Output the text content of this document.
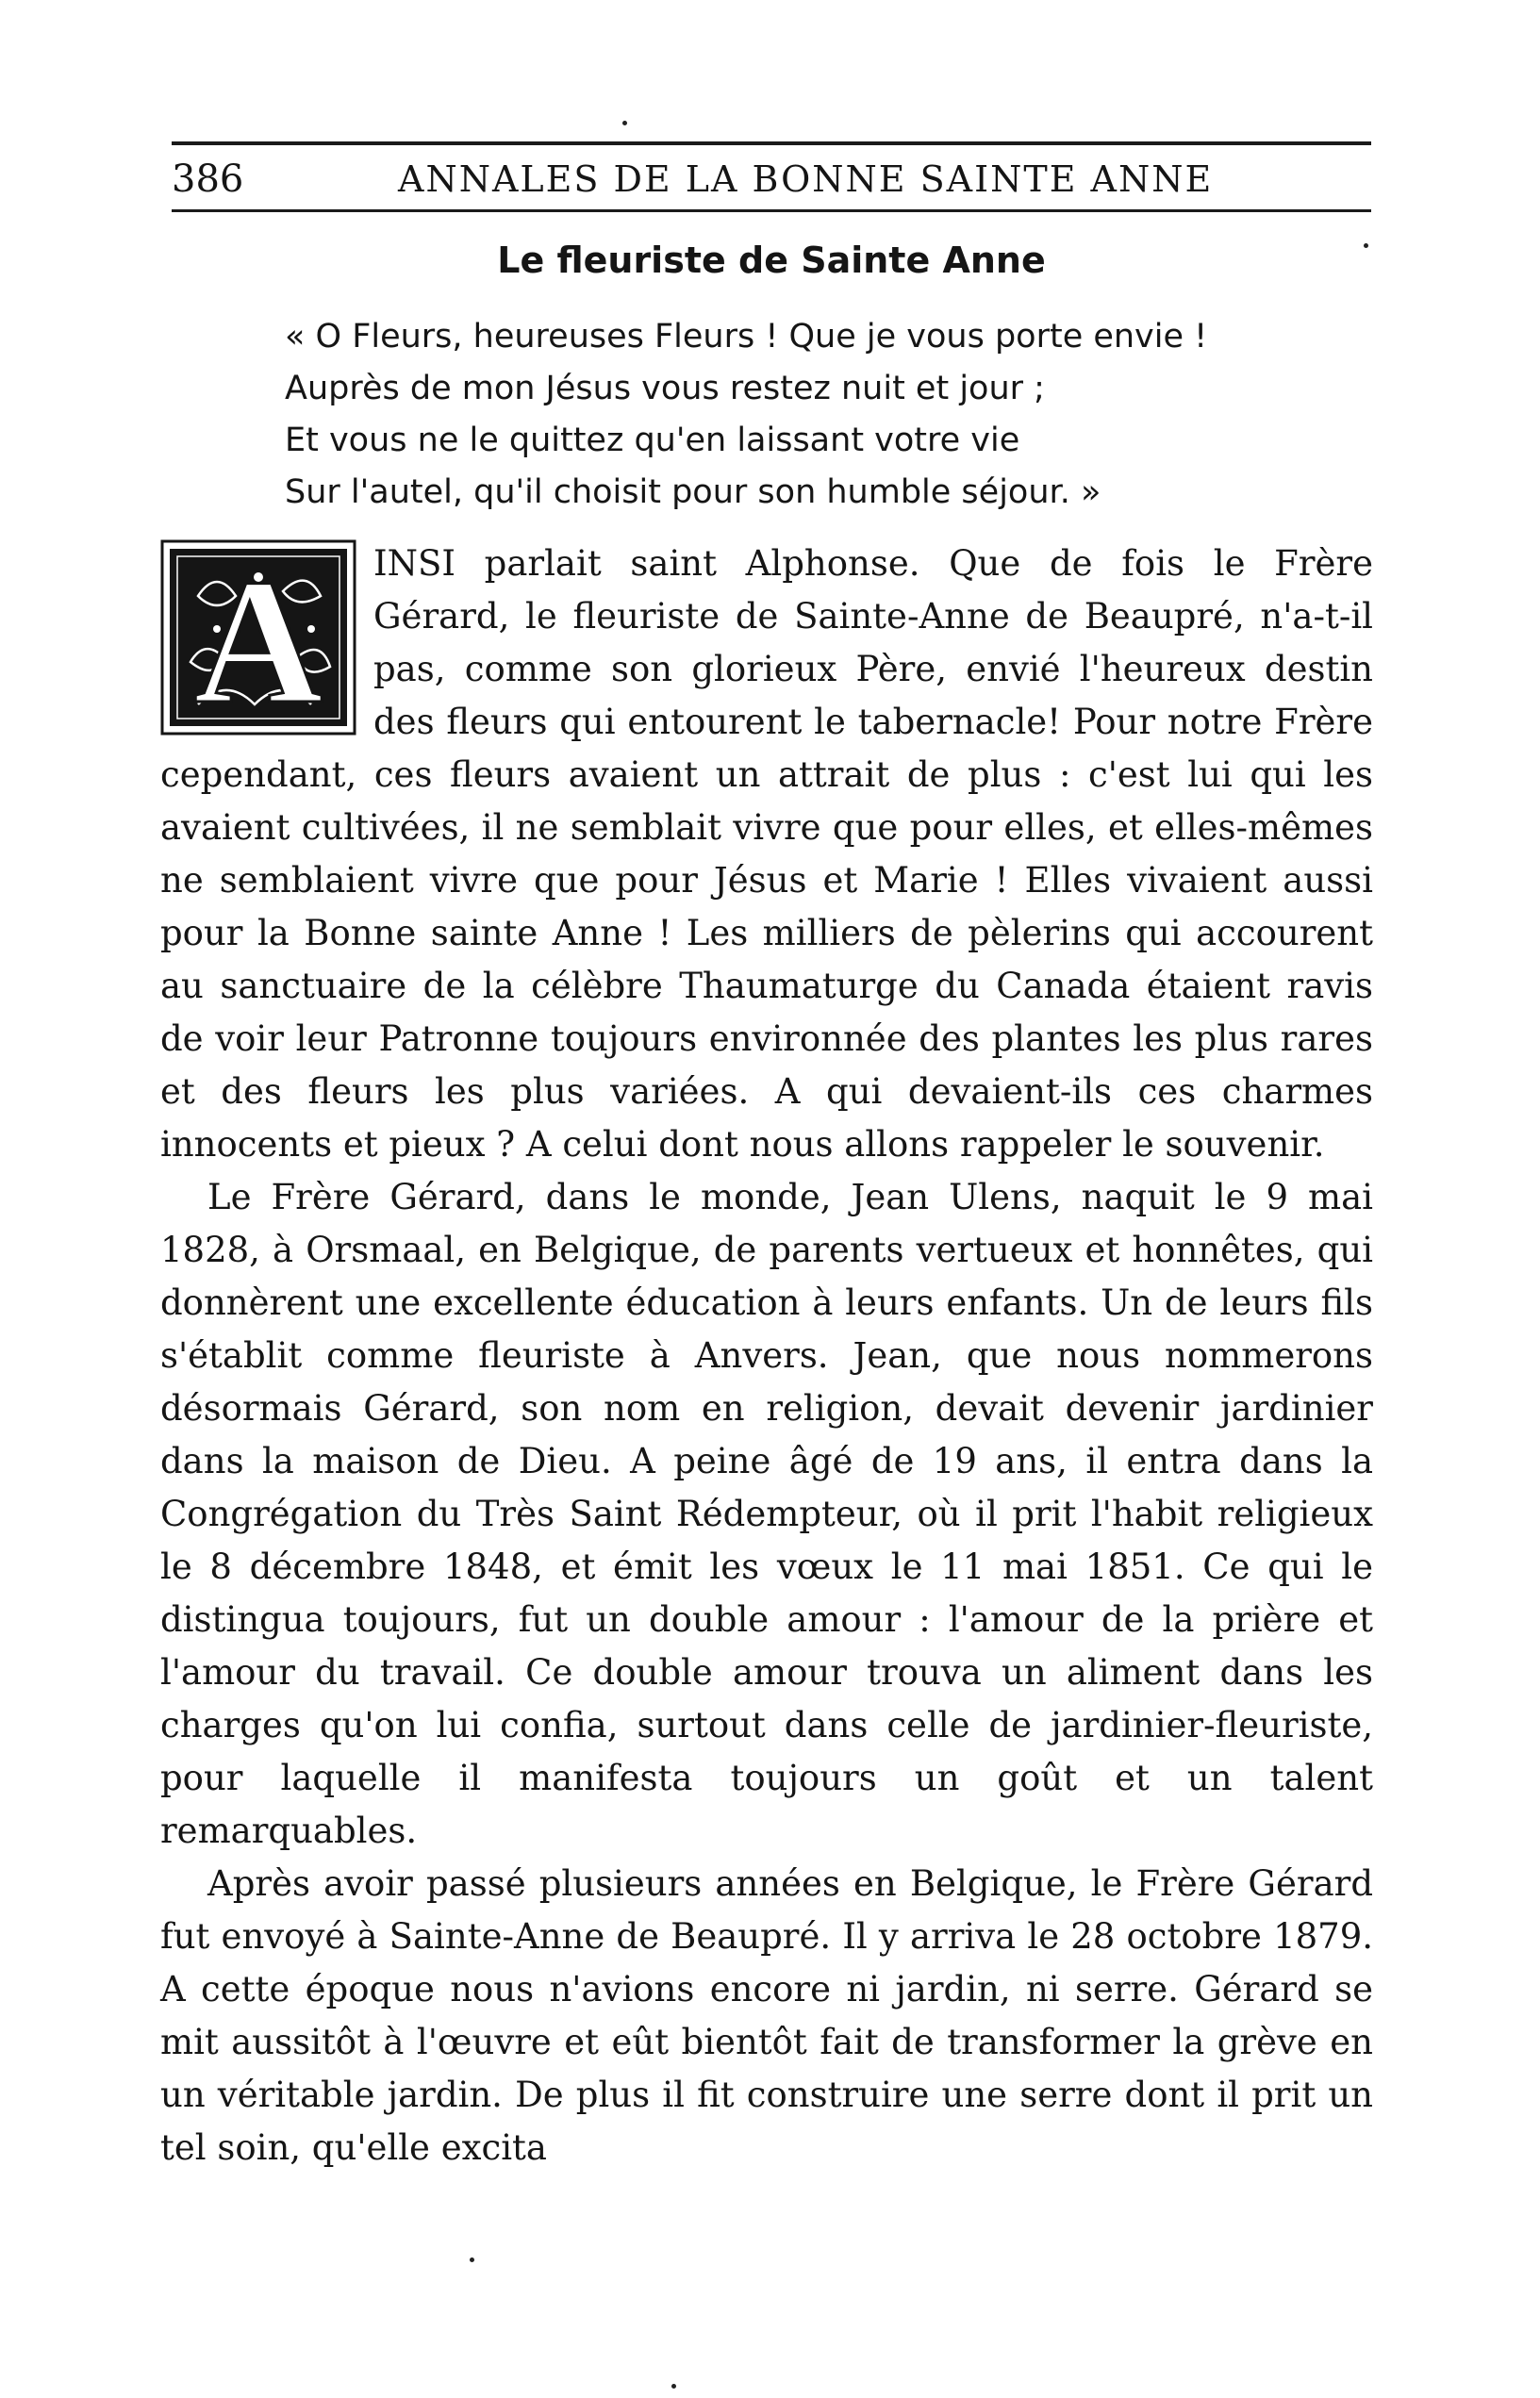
386	ANNALES DE LA BONNE SAINTE ANNE
Le fleuriste de Sainte Anne
« O Fleurs, heureuses Fleurs ! Que je vous porte envie !
Auprès de mon Jésus vous restez nuit et jour ;
Et vous ne le quittez qu'en laissant votre vie
Sur l'autel, qu'il choisit pour son humble séjour. »

A INSI parlait saint Alphonse. Que de fois le Frère Gérard, le fleuriste de Sainte-Anne de Beaupré, n'a-t-il pas, comme son glorieux Père, envié l'heureux destin des fleurs qui entourent le tabernacle! Pour notre Frère cependant, ces fleurs avaient un attrait de plus : c'est lui qui les avaient cultivées, il ne semblait vivre que pour elles, et elles-mêmes ne semblaient vivre que pour Jésus et Marie ! Elles vivaient aussi pour la Bonne sainte Anne ! Les milliers de pèlerins qui accourent au sanctuaire de la célèbre Thaumaturge du Canada étaient ravis de voir leur Patronne toujours environnée des plantes les plus rares et des fleurs les plus variées. A qui devaient-ils ces charmes innocents et pieux ? A celui dont nous allons rappeler le souvenir.

Le Frère Gérard, dans le monde, Jean Ulens, naquit le 9 mai 1828, à Orsmaal, en Belgique, de parents vertueux et honnêtes, qui donnèrent une excellente éducation à leurs enfants. Un de leurs fils s'établit comme fleuriste à Anvers. Jean, que nous nommerons désormais Gérard, son nom en religion, devait devenir jardinier dans la maison de Dieu. A peine âgé de 19 ans, il entra dans la Congrégation du Très Saint Rédempteur, où il prit l'habit religieux le 8 décembre 1848, et émit les vœux le 11 mai 1851. Ce qui le distingua toujours, fut un double amour : l'amour de la prière et l'amour du travail. Ce double amour trouva un aliment dans les charges qu'on lui confia, surtout dans celle de jardinier-fleuriste, pour laquelle il manifesta toujours un goût et un talent remarquables.

Après avoir passé plusieurs années en Belgique, le Frère Gérard fut envoyé à Sainte-Anne de Beaupré. Il y arriva le 28 octobre 1879. A cette époque nous n'avions encore ni jardin, ni serre. Gérard se mit aussitôt à l'œuvre et eût bientôt fait de transformer la grève en un véritable jardin. De plus il fit construire une serre dont il prit un tel soin, qu'elle excita
